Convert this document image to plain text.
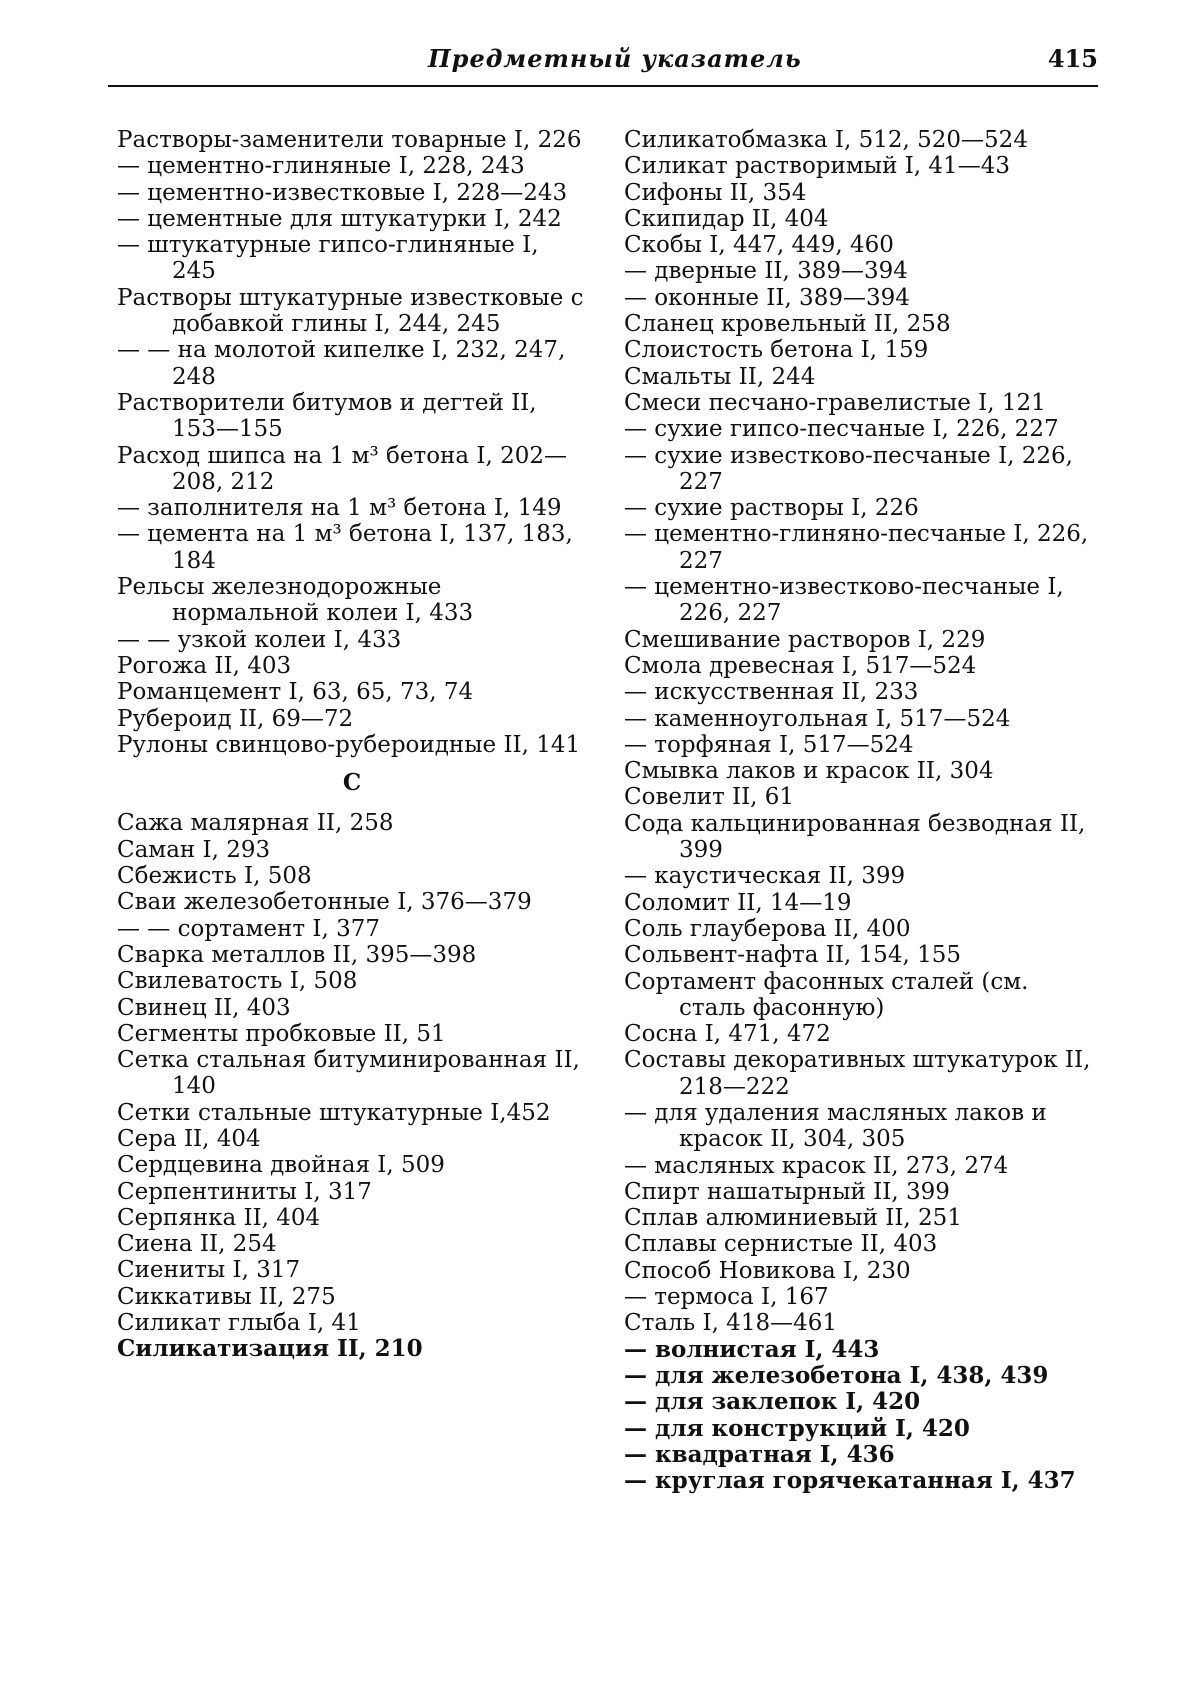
Предметный указатель	415
Растворы-заменители товарные I, 226
— цементно-глиняные I, 228, 243
— цементно-известковые I, 228—243
— цементные для штукатурки I, 242
— штукатурные гипсо-глиняные I, 245
Растворы штукатурные известковые с добавкой глины I, 244, 245
— — на молотой кипелке I, 232, 247, 248
Растворители битумов и дегтей II, 153—155
Расход шипса на 1 м³ бетона I, 202—208, 212
— заполнителя на 1 м³ бетона I, 149
— цемента на 1 м³ бетона I, 137, 183, 184
Рельсы железнодорожные нормальной колеи I, 433
— — узкой колеи I, 433
Рогожа II, 403
Романцемент I, 63, 65, 73, 74
Рубероид II, 69—72
Рулоны свинцово-рубероидные II, 141
С
Сажа малярная II, 258
Саман I, 293
Сбежисть I, 508
Сваи железобетонные I, 376—379
— — сортамент I, 377
Сварка металлов II, 395—398
Свилеватость I, 508
Свинец II, 403
Сегменты пробковые II, 51
Сетка стальная битуминированная II, 140
Сетки стальные штукатурные I,452
Сера II, 404
Сердцевина двойная I, 509
Серпентиниты I, 317
Серпянка II, 404
Сиена II, 254
Сиениты I, 317
Сиккативы II, 275
Силикат глыба I, 41
Силикатизация II, 210
Силикатобмазка I, 512, 520—524
Силикат растворимый I, 41—43
Сифоны II, 354
Скипидар II, 404
Скобы I, 447, 449, 460
— дверные II, 389—394
— оконные II, 389—394
Сланец кровельный II, 258
Слоистость бетона I, 159
Смальты II, 244
Смеси песчано-гравелистые I, 121
— сухие гипсо-песчаные I, 226, 227
— сухие известково-песчаные I, 226, 227
— сухие растворы I, 226
— цементно-глиняно-песчаные I, 226, 227
— цементно-известково-песчаные I, 226, 227
Смешивание растворов I, 229
Смола древесная I, 517—524
— искусственная II, 233
— каменноугольная I, 517—524
— торфяная I, 517—524
Смывка лаков и красок II, 304
Совелит II, 61
Сода кальцинированная безводная II, 399
— каустическая II, 399
Соломит II, 14—19
Соль глауберова II, 400
Сольвент-нафта II, 154, 155
Сортамент фасонных сталей (см. сталь фасонную)
Сосна I, 471, 472
Составы декоративных штукатурок II, 218—222
— для удаления масляных лаков и красок II, 304, 305
— масляных красок II, 273, 274
Спирт нашатырный II, 399
Сплав алюминиевый II, 251
Сплавы сернистые II, 403
Способ Новикова I, 230
— термоса I, 167
Сталь I, 418—461
— волнистая I, 443
— для железобетона I, 438, 439
— для заклепок I, 420
— для конструкций I, 420
— квадратная I, 436
— круглая горячекатанная I, 437
